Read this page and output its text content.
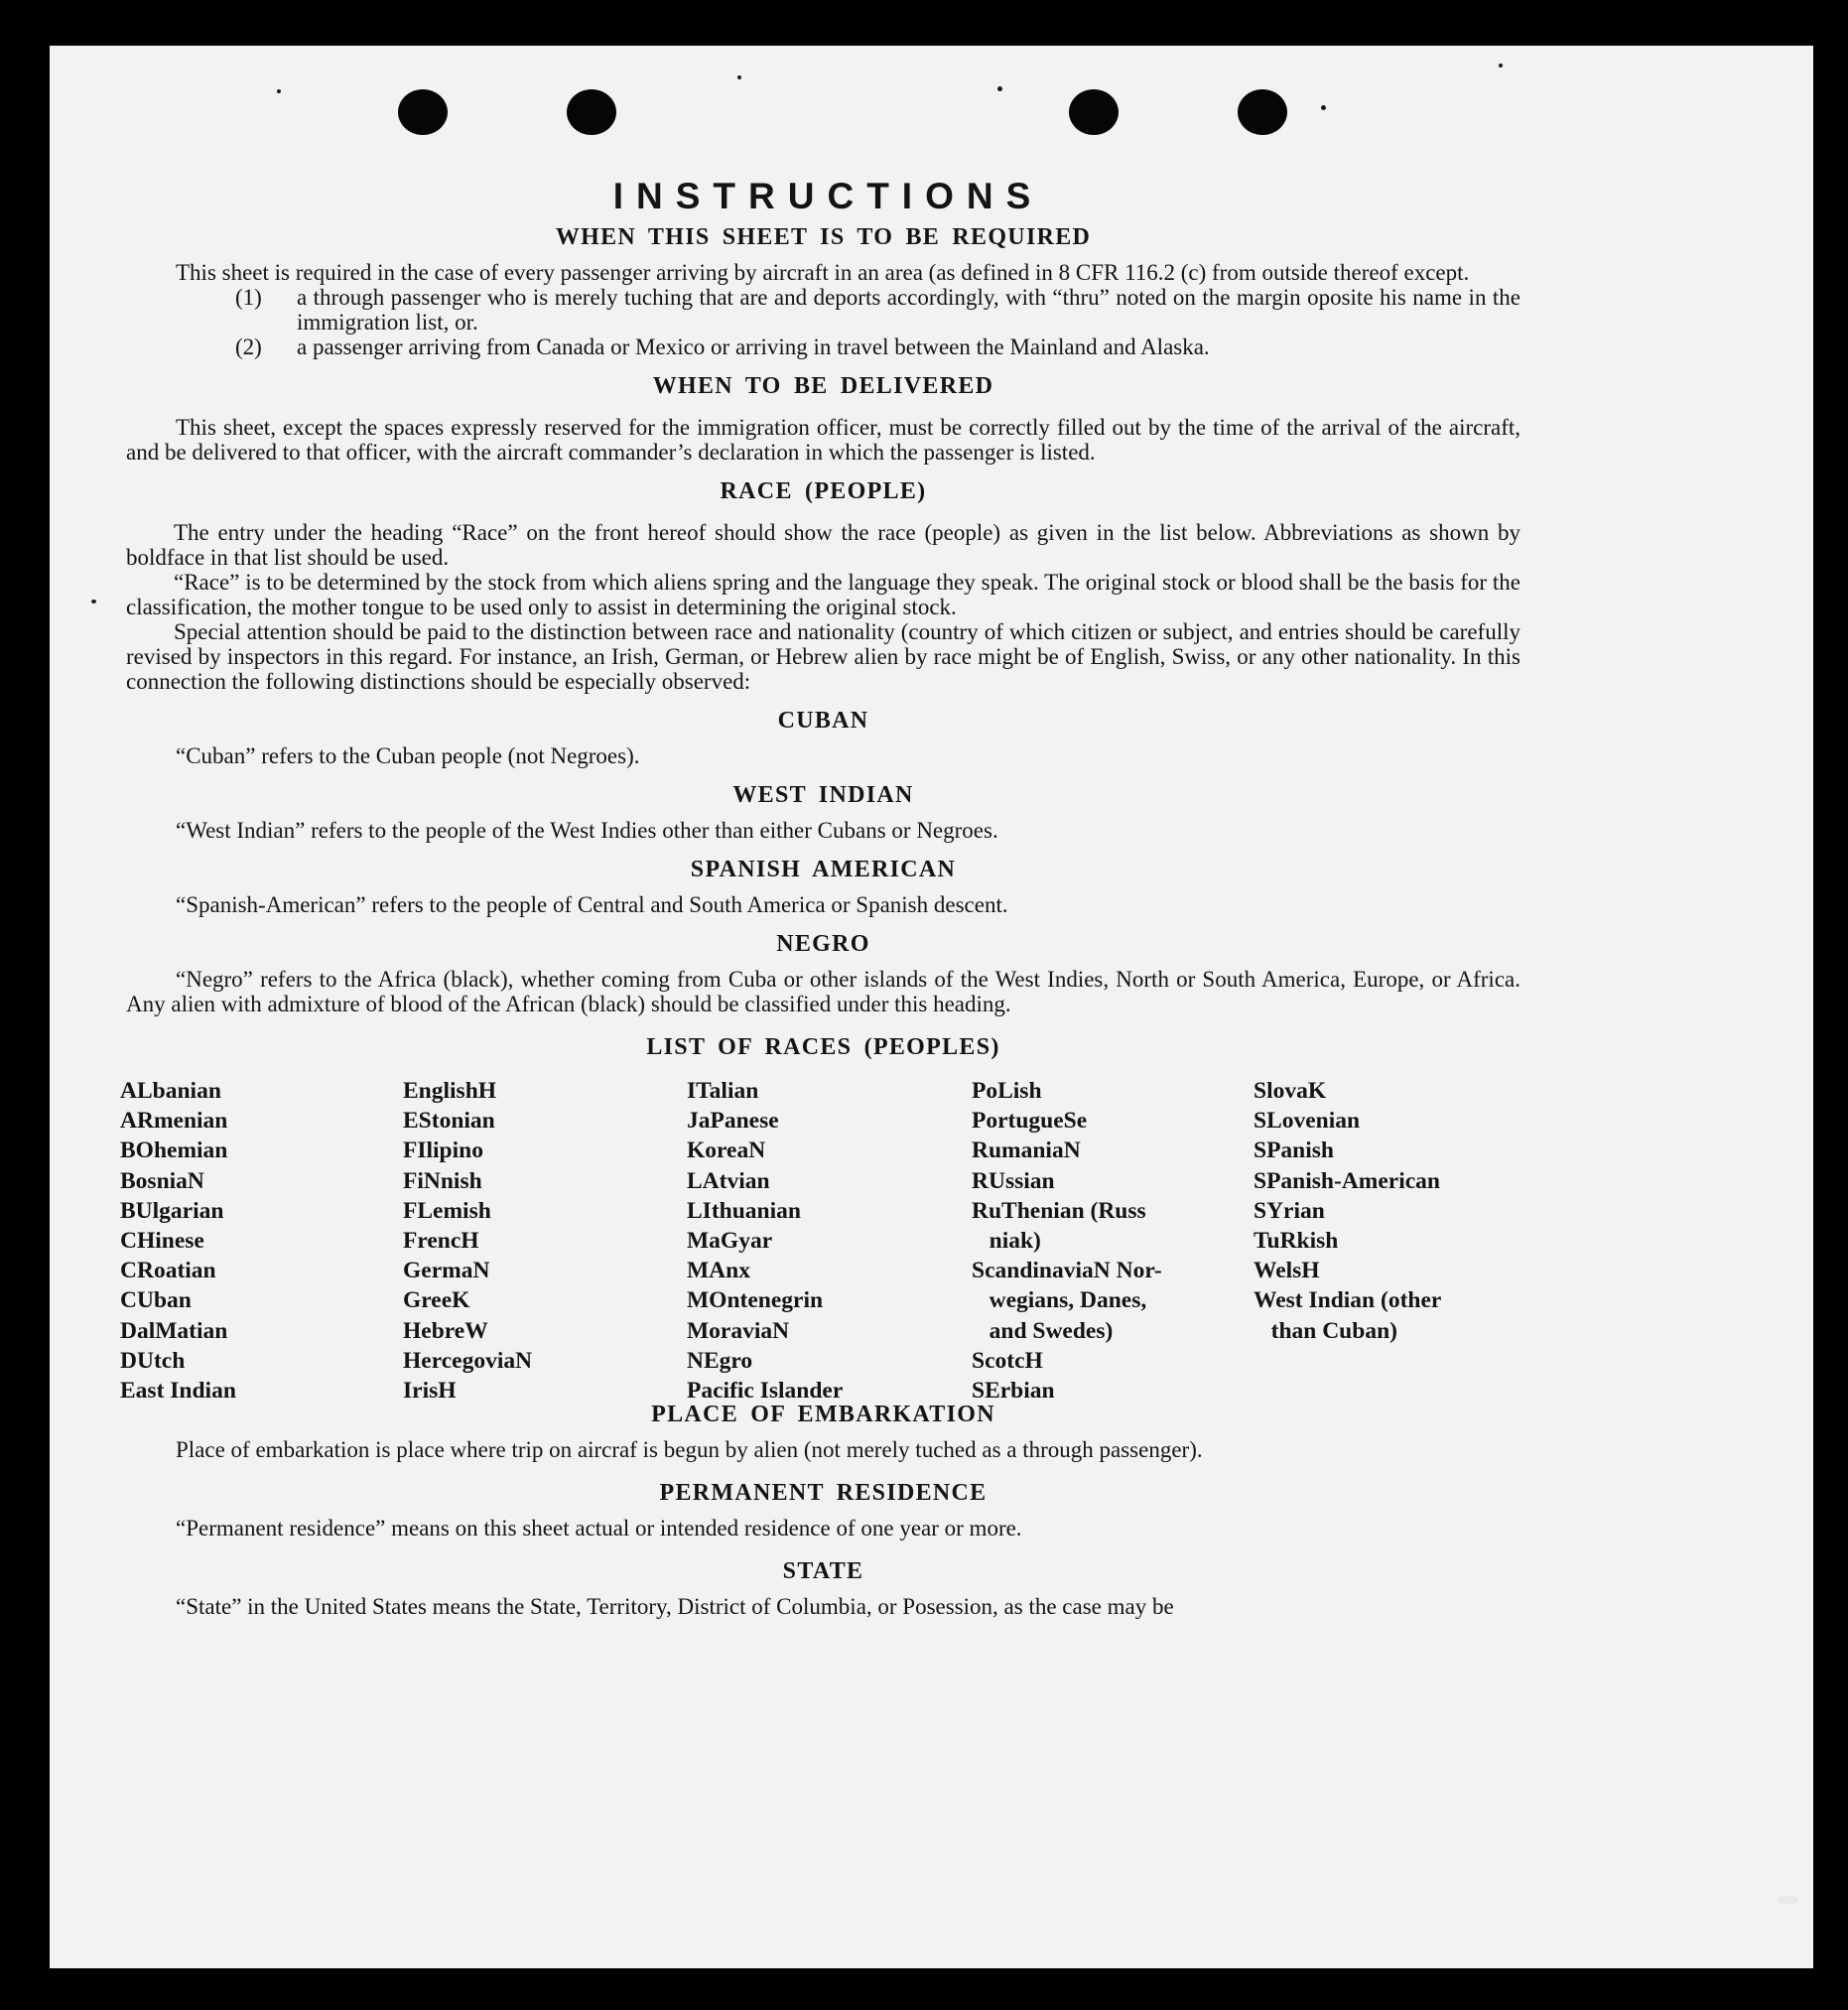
INSTRUCTIONS
WHEN THIS SHEET IS TO BE REQUIRED

This sheet is required in the case of every passenger arriving by aircraft in an area (as defined in 8 CFR 116.2 (c) from outside thereof except.

(1)	a through passenger who is merely tuching that are and deports accordingly, with “thru” noted on the margin oposite his name in the immigration list, or.
(2)	a passenger arriving from Canada or Mexico or arriving in travel between the Mainland and Alaska.
WHEN TO BE DELIVERED

This sheet, except the spaces expressly reserved for the immigration officer, must be correctly filled out by the time of the arrival of the aircraft, and be delivered to that officer, with the aircraft commander’s declaration in which the passenger is listed.

RACE (PEOPLE)

The entry under the heading “Race” on the front hereof should show the race (people) as given in the list below. Abbreviations as shown by boldface in that list should be used.

“Race” is to be determined by the stock from which aliens spring and the language they speak. The original stock or blood shall be the basis for the classification, the mother tongue to be used only to assist in determining the original stock.

Special attention should be paid to the distinction between race and nationality (country of which citizen or subject, and entries should be carefully revised by inspectors in this regard. For instance, an Irish, German, or Hebrew alien by race might be of English, Swiss, or any other nationality. In this connection the following distinctions should be especially observed:

CUBAN

“Cuban” refers to the Cuban people (not Negroes).

WEST INDIAN

“West Indian” refers to the people of the West Indies other than either Cubans or Negroes.

SPANISH AMERICAN

“Spanish-American” refers to the people of Central and South America or Spanish descent.

NEGRO

“Negro” refers to the Africa (black), whether coming from Cuba or other islands of the West Indies, North or South America, Europe, or Africa. Any alien with admixture of blood of the African (black) should be classified under this heading.

LIST OF RACES (PEOPLES)
ALbanian
ARmenian
BOhemian
BosniaN
BUlgarian
CHinese
CRoatian
CUban
DalMatian
DUtch
East Indian
EnglishH
EStonian
FIlipino
FiNnish
FLemish
FrencH
GermaN
GreeK
HebreW
HercegoviaN
IrisH
ITalian
JaPanese
KoreaN
LAtvian
LIthuanian
MaGyar
MAnx
MOntenegrin
MoraviaN
NEgro
Pacific Islander
PoLish
PortugueSe
RumaniaN
RUssian
RuThenian (Russ
niak)
ScandinaviaN Nor-
wegians, Danes,
and Swedes)
ScotcH
SErbian
SlovaK
SLovenian
SPanish
SPanish-American
SYrian
TuRkish
WelsH
West Indian (other
than Cuban)
PLACE OF EMBARKATION

Place of embarkation is place where trip on aircraf is begun by alien (not merely tuched as a through passenger).

PERMANENT RESIDENCE

“Permanent residence” means on this sheet actual or intended residence of one year or more.

STATE

“State” in the United States means the State, Territory, District of Columbia, or Posession, as the case may be
